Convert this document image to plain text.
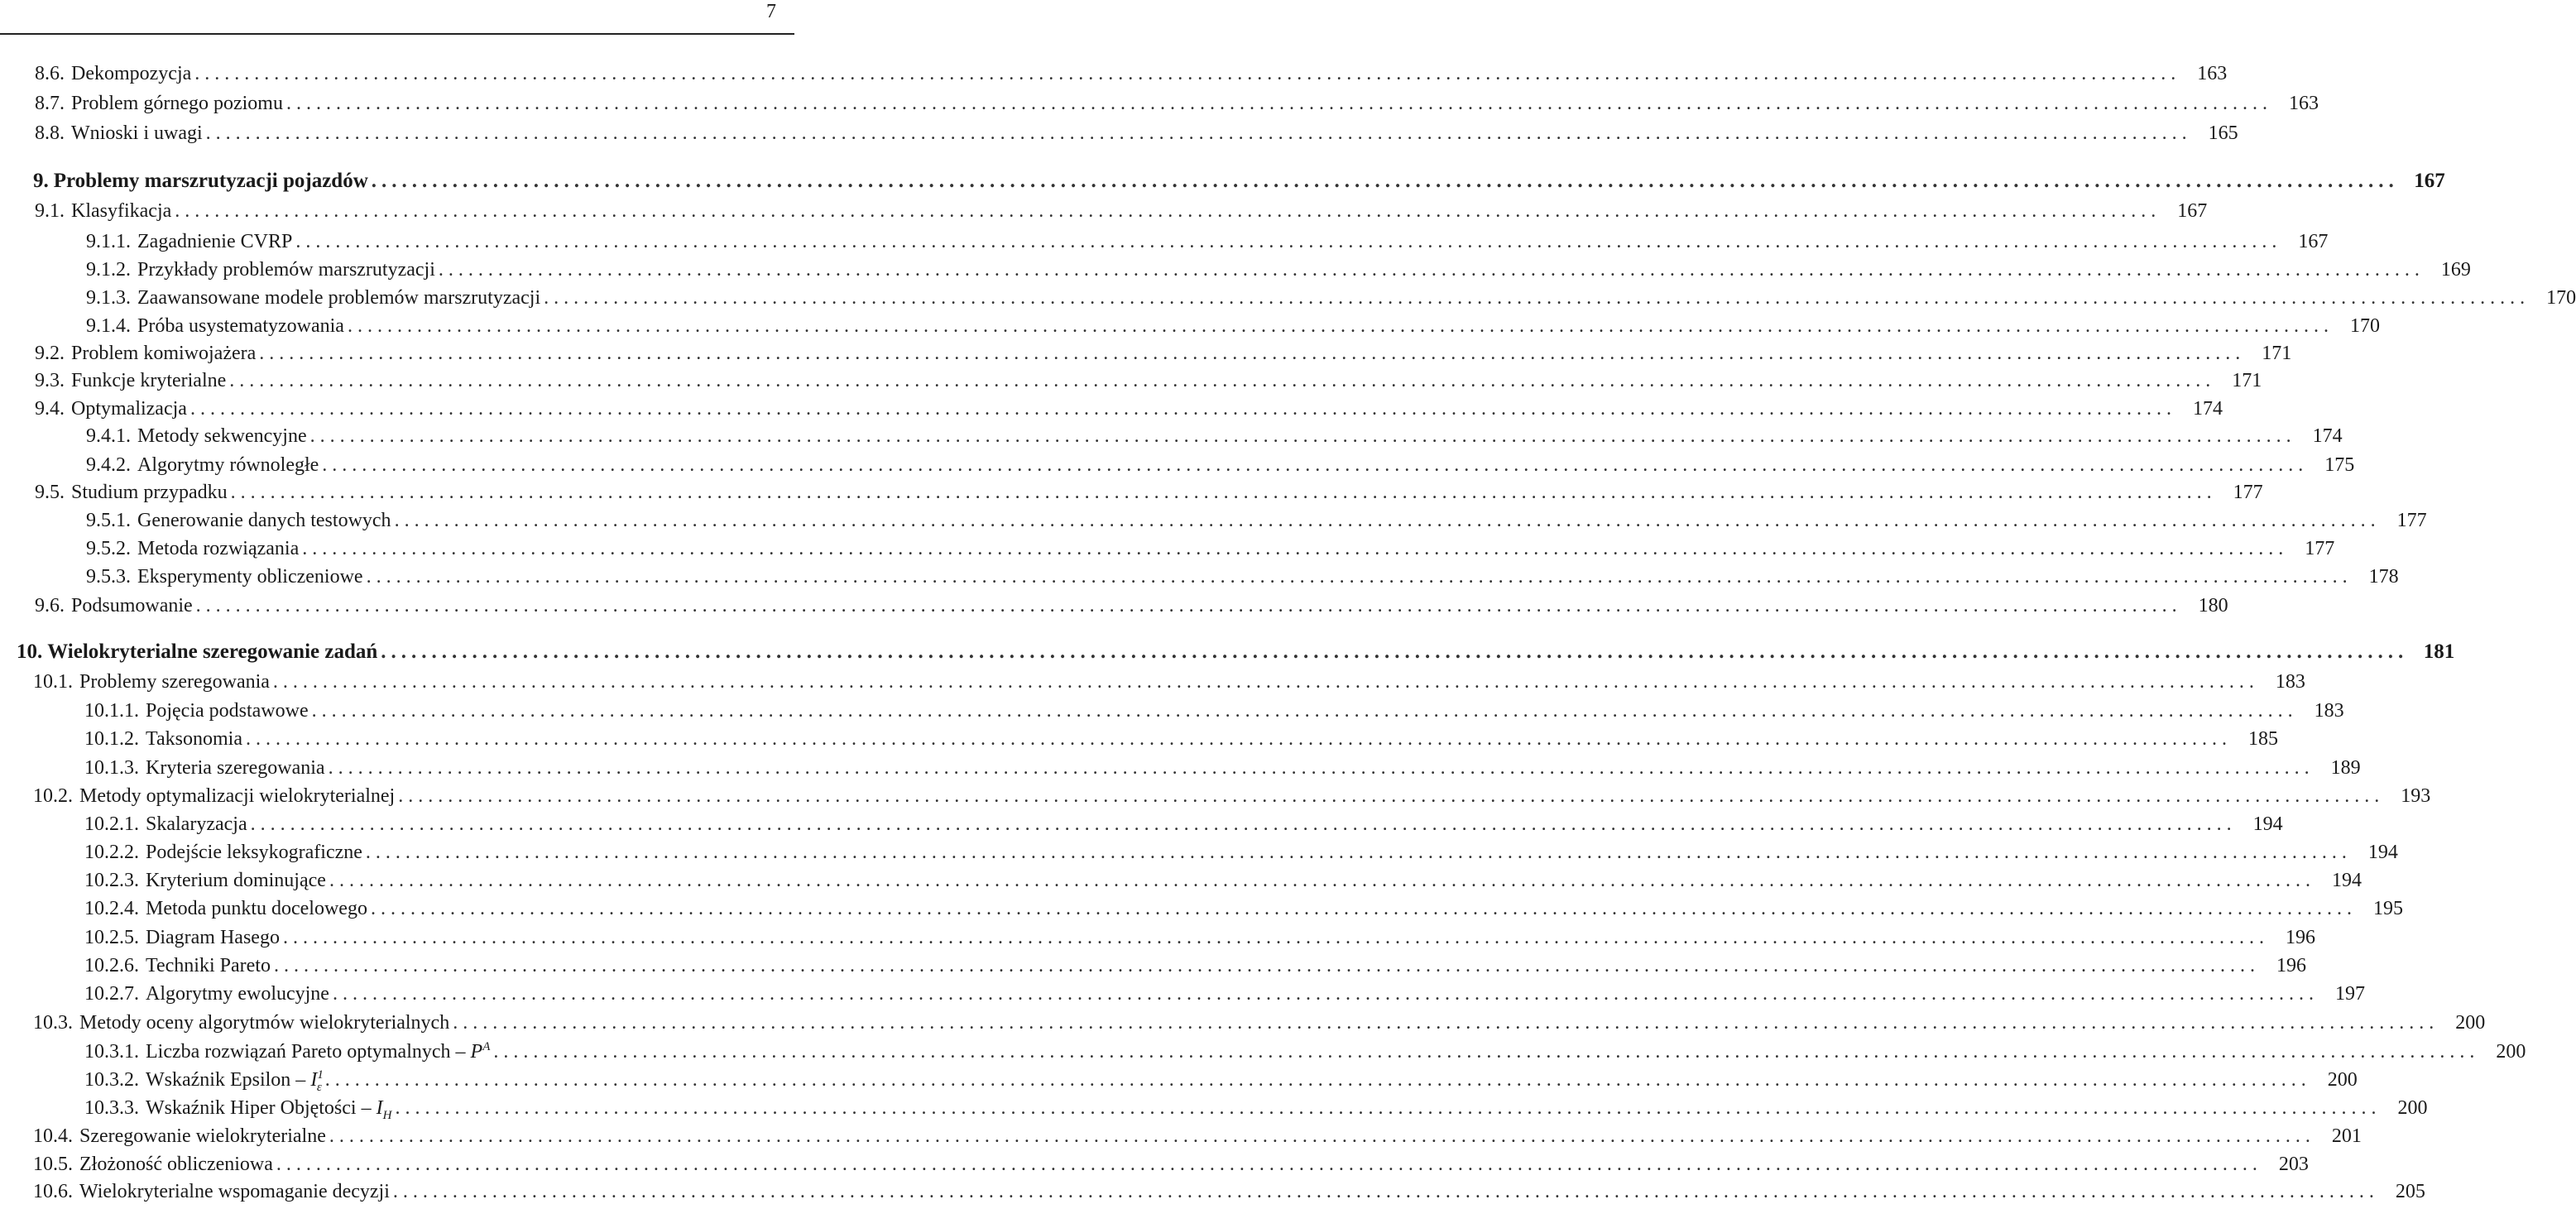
7
8.6. Dekompozycja ........................................................................................................................................................................................................ 163
8.7. Problem górnego poziomu ........................................................................................................................................................................................................ 163
8.8. Wnioski i uwagi ........................................................................................................................................................................................................ 165
9. Problemy marszrutyzacji pojazdów ........................................................................................................................................................................................................ 167
9.1. Klasyfikacja ........................................................................................................................................................................................................ 167
9.1.1. Zagadnienie CVRP ........................................................................................................................................................................................................ 167
9.1.2. Przykłady problemów marszrutyzacji ........................................................................................................................................................................................................ 169
9.1.3. Zaawansowane modele problemów marszrutyzacji ........................................................................................................................................................................................................ 170
9.1.4. Próba usystematyzowania ........................................................................................................................................................................................................ 170
9.2. Problem komiwojażera ........................................................................................................................................................................................................ 171
9.3. Funkcje kryterialne ........................................................................................................................................................................................................ 171
9.4. Optymalizacja ........................................................................................................................................................................................................ 174
9.4.1. Metody sekwencyjne ........................................................................................................................................................................................................ 174
9.4.2. Algorytmy równoległe ........................................................................................................................................................................................................ 175
9.5. Studium przypadku ........................................................................................................................................................................................................ 177
9.5.1. Generowanie danych testowych ........................................................................................................................................................................................................ 177
9.5.2. Metoda rozwiązania ........................................................................................................................................................................................................ 177
9.5.3. Eksperymenty obliczeniowe ........................................................................................................................................................................................................ 178
9.6. Podsumowanie ........................................................................................................................................................................................................ 180
10. Wielokryterialne szeregowanie zadań ........................................................................................................................................................................................................ 181
10.1. Problemy szeregowania ........................................................................................................................................................................................................ 183
10.1.1. Pojęcia podstawowe ........................................................................................................................................................................................................ 183
10.1.2. Taksonomia ........................................................................................................................................................................................................ 185
10.1.3. Kryteria szeregowania ........................................................................................................................................................................................................ 189
10.2. Metody optymalizacji wielokryterialnej ........................................................................................................................................................................................................ 193
10.2.1. Skalaryzacja ........................................................................................................................................................................................................ 194
10.2.2. Podejście leksykograficzne ........................................................................................................................................................................................................ 194
10.2.3. Kryterium dominujące ........................................................................................................................................................................................................ 194
10.2.4. Metoda punktu docelowego ........................................................................................................................................................................................................ 195
10.2.5. Diagram Hasego ........................................................................................................................................................................................................ 196
10.2.6. Techniki Pareto ........................................................................................................................................................................................................ 196
10.2.7. Algorytmy ewolucyjne ........................................................................................................................................................................................................ 197
10.3. Metody oceny algorytmów wielokryterialnych ........................................................................................................................................................................................................ 200
10.3.1. Liczba rozwiązań Pareto optymalnych – $P^A$ ........................................................................................................................................................................................................ 200
10.3.2. Wskaźnik Epsilon – $I^1_\varepsilon$ ........................................................................................................................................................................................................ 200
10.3.3. Wskaźnik Hiper Objętości – $I_H$ ........................................................................................................................................................................................................ 200
10.4. Szeregowanie wielokryterialne ........................................................................................................................................................................................................ 201
10.5. Złożoność obliczeniowa ........................................................................................................................................................................................................ 203
10.6. Wielokryterialne wspomaganie decyzji ........................................................................................................................................................................................................ 205
